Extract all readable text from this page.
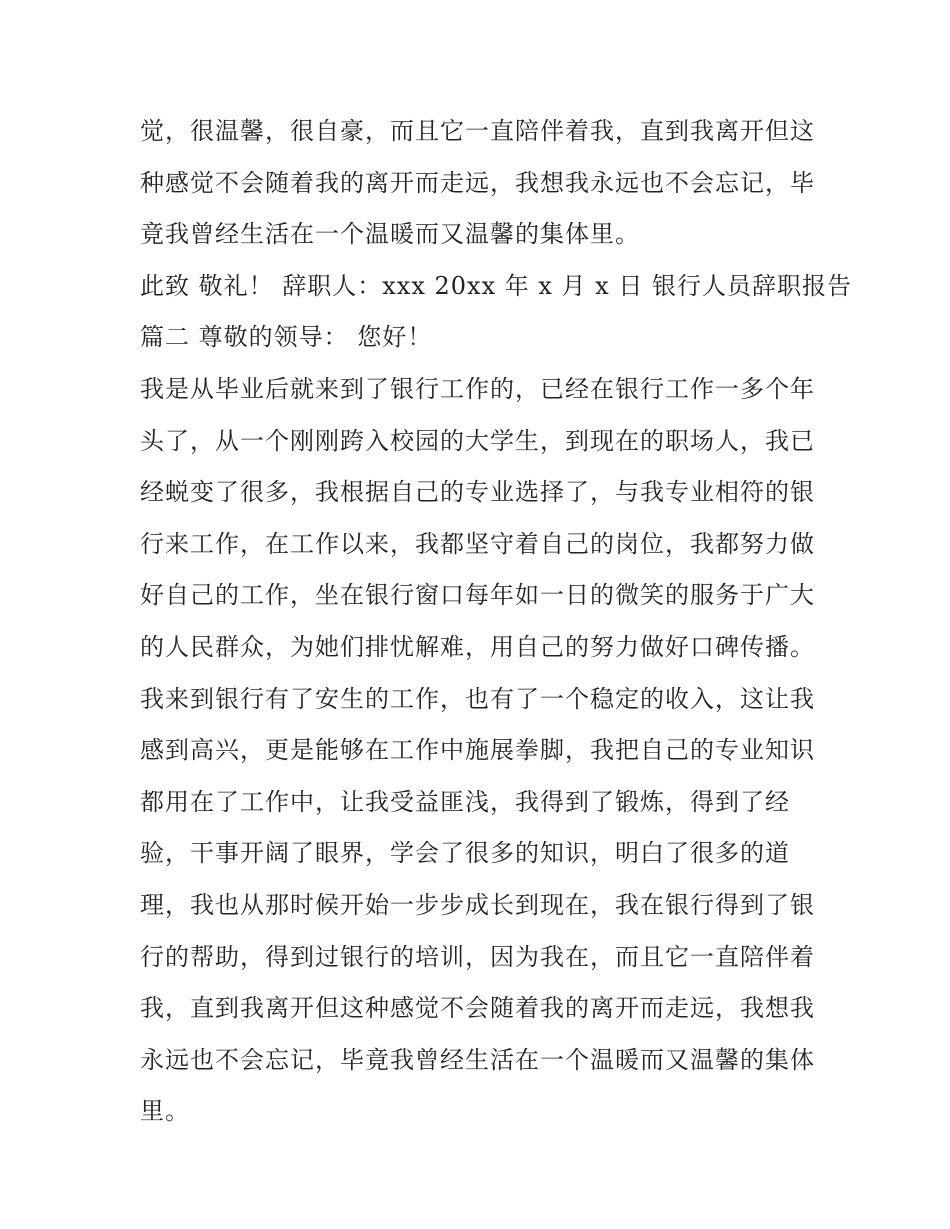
觉，很温馨，很自豪，而且它一直陪伴着我，直到我离开但这
种感觉不会随着我的离开而走远，我想我永远也不会忘记，毕
竟我曾经生活在一个温暖而又温馨的集体里。
此致 敬礼！ 辞职人：xxx 20xx 年 x 月 x 日 银行人员辞职报告
篇二 尊敬的领导： 您好！
我是从毕业后就来到了银行工作的，已经在银行工作一多个年
头了，从一个刚刚跨入校园的大学生，到现在的职场人，我已
经蜕变了很多，我根据自己的专业选择了，与我专业相符的银
行来工作，在工作以来，我都坚守着自己的岗位，我都努力做
好自己的工作，坐在银行窗口每年如一日的微笑的服务于广大
的人民群众，为她们排忧解难，用自己的努力做好口碑传播。
我来到银行有了安生的工作，也有了一个稳定的收入，这让我
感到高兴，更是能够在工作中施展拳脚，我把自己的专业知识
都用在了工作中，让我受益匪浅，我得到了锻炼，得到了经
验，干事开阔了眼界，学会了很多的知识，明白了很多的道
理，我也从那时候开始一步步成长到现在，我在银行得到了银
行的帮助，得到过银行的培训，因为我在，而且它一直陪伴着
我，直到我离开但这种感觉不会随着我的离开而走远，我想我
永远也不会忘记，毕竟我曾经生活在一个温暖而又温馨的集体
里。
